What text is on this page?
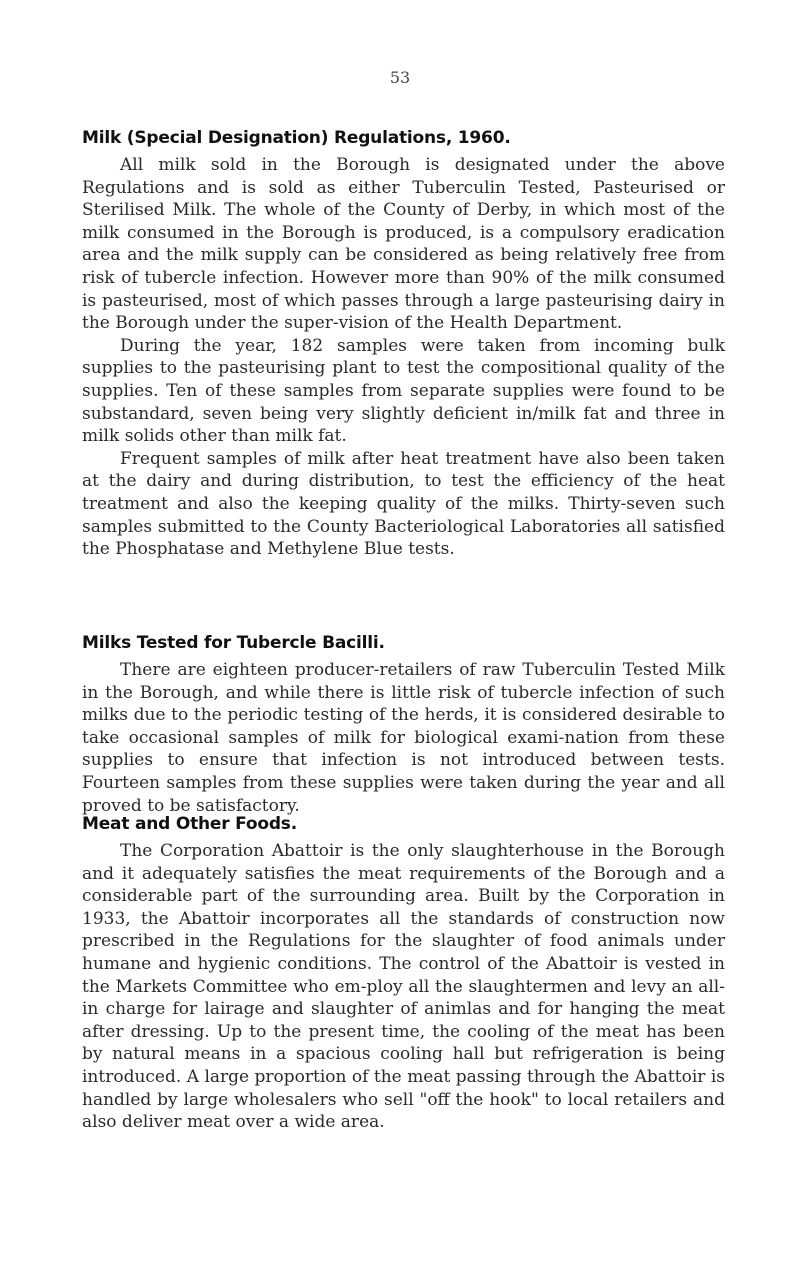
53
Milk (Special Designation) Regulations, 1960.

All milk sold in the Borough is designated under the above Regulations and is sold as either Tuberculin Tested, Pasteurised or Sterilised Milk. The whole of the County of Derby, in which most of the milk consumed in the Borough is produced, is a compulsory eradication area and the milk supply can be considered as being relatively free from risk of tubercle infection. However more than 90% of the milk consumed is pasteurised, most of which passes through a large pasteurising dairy in the Borough under the super-vision of the Health Department.

During the year, 182 samples were taken from incoming bulk supplies to the pasteurising plant to test the compositional quality of the supplies. Ten of these samples from separate supplies were found to be substandard, seven being very slightly deficient in/milk fat and three in milk solids other than milk fat.

Frequent samples of milk after heat treatment have also been taken at the dairy and during distribution, to test the efficiency of the heat treatment and also the keeping quality of the milks. Thirty-seven such samples submitted to the County Bacteriological Laboratories all satisfied the Phosphatase and Methylene Blue tests.

Milks Tested for Tubercle Bacilli.

There are eighteen producer-retailers of raw Tuberculin Tested Milk in the Borough, and while there is little risk of tubercle infection of such milks due to the periodic testing of the herds, it is considered desirable to take occasional samples of milk for biological exami-nation from these supplies to ensure that infection is not introduced between tests. Fourteen samples from these supplies were taken during the year and all proved to be satisfactory.

Meat and Other Foods.

The Corporation Abattoir is the only slaughterhouse in the Borough and it adequately satisfies the meat requirements of the Borough and a considerable part of the surrounding area. Built by the Corporation in 1933, the Abattoir incorporates all the standards of construction now prescribed in the Regulations for the slaughter of food animals under humane and hygienic conditions. The control of the Abattoir is vested in the Markets Committee who em-ploy all the slaughtermen and levy an all-in charge for lairage and slaughter of animlas and for hanging the meat after dressing. Up to the present time, the cooling of the meat has been by natural means in a spacious cooling hall but refrigeration is being introduced. A large proportion of the meat passing through the Abattoir is handled by large wholesalers who sell "off the hook" to local retailers and also deliver meat over a wide area.
